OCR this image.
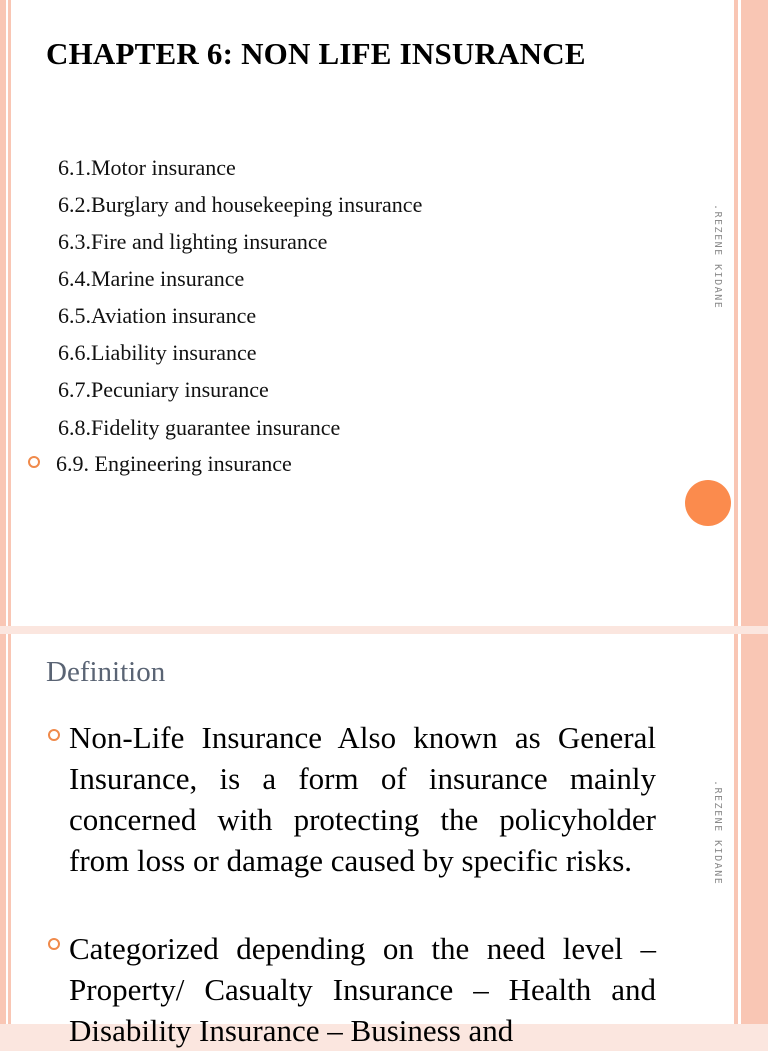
CHAPTER 6: NON LIFE INSURANCE
6.1.Motor insurance
6.2.Burglary and housekeeping insurance
6.3.Fire and lighting insurance
6.4.Marine insurance
6.5.Aviation insurance
6.6.Liability insurance
6.7.Pecuniary insurance
6.8.Fidelity guarantee insurance
6.9. Engineering insurance
.REZENE KIDANE
Definition

Non-Life Insurance Also known as General Insurance, is a form of insurance mainly concerned with protecting the policyholder from loss or damage caused by specific risks.

Categorized depending on the need level – Property/ Casualty Insurance – Health and Disability Insurance – Business and

.REZENE KIDANE
